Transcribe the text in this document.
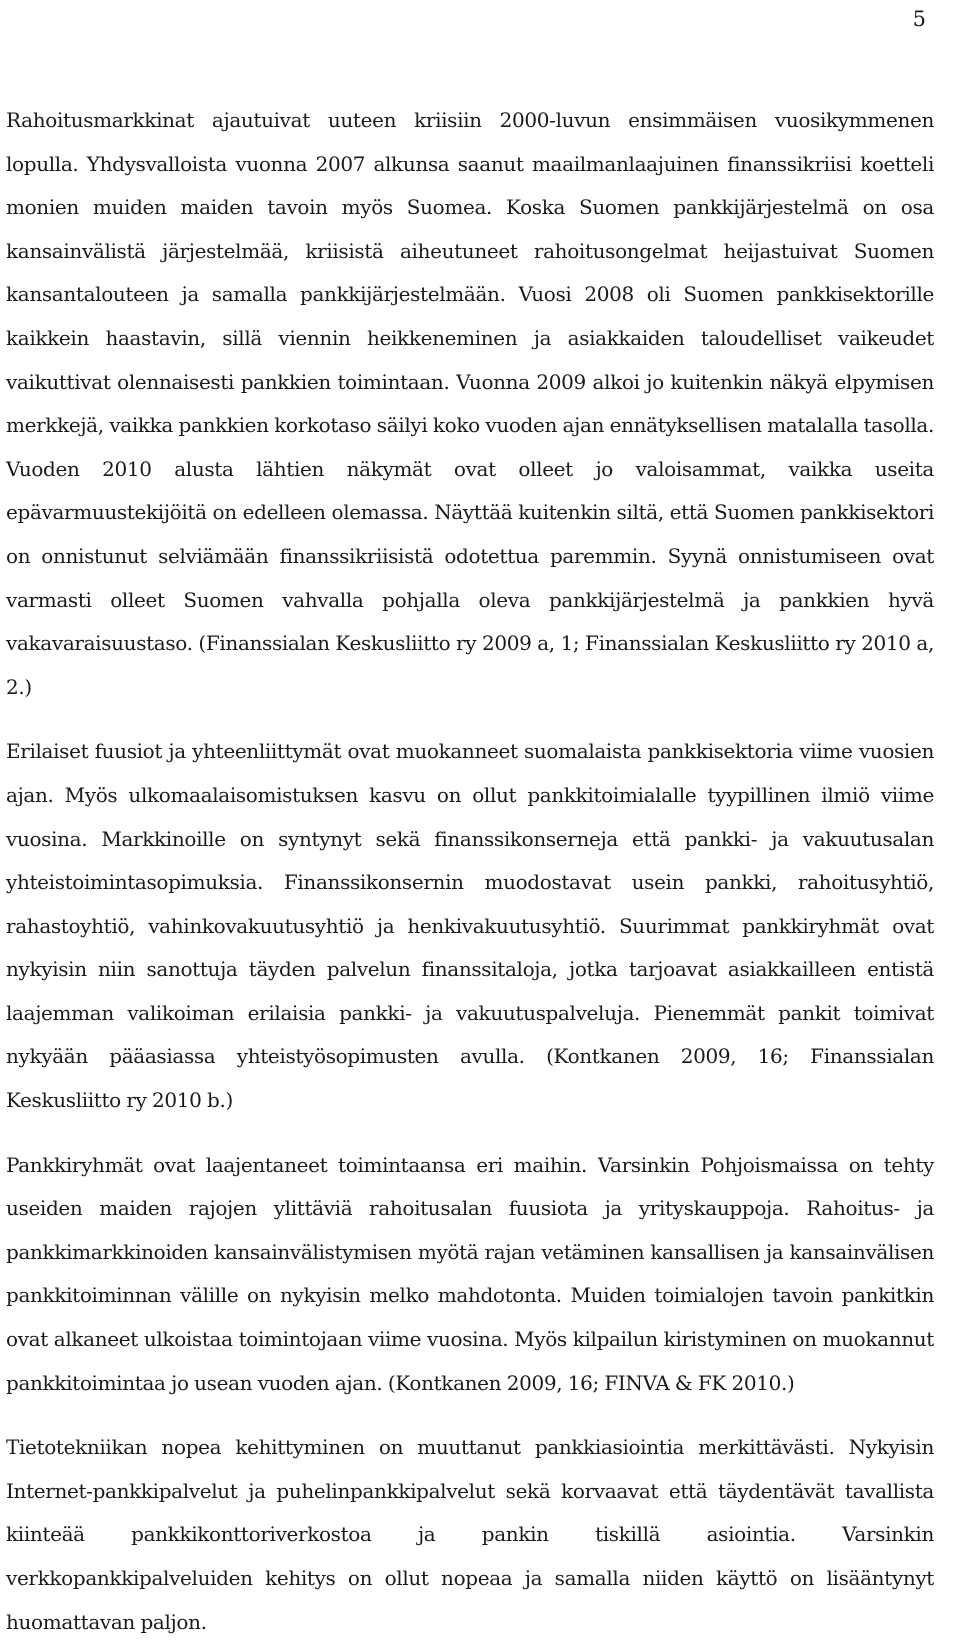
5

Rahoitusmarkkinat ajautuivat uuteen kriisiin 2000-luvun ensimmäisen vuosikymmenen lopulla. Yhdysvalloista vuonna 2007 alkunsa saanut maailmanlaajuinen finanssikriisi koetteli monien muiden maiden tavoin myös Suomea. Koska Suomen pankkijärjestelmä on osa kansainvälistä järjestelmää, kriisistä aiheutuneet rahoitusongelmat heijastuivat Suomen kansantalouteen ja samalla pankkijärjestelmään. Vuosi 2008 oli Suomen pankkisektorille kaikkein haastavin, sillä viennin heikkeneminen ja asiakkaiden taloudelliset vaikeudet vaikuttivat olennaisesti pankkien toimintaan. Vuonna 2009 alkoi jo kuitenkin näkyä elpymisen merkkejä, vaikka pankkien korkotaso säilyi koko vuoden ajan ennätyksellisen matalalla tasolla. Vuoden 2010 alusta lähtien näkymät ovat olleet jo valoisammat, vaikka useita epävarmuustekijöitä on edelleen olemassa. Näyttää kuitenkin siltä, että Suomen pankkisektori on onnistunut selviämään finanssikriisistä odotettua paremmin. Syynä onnistumiseen ovat varmasti olleet Suomen vahvalla pohjalla oleva pankkijärjestelmä ja pankkien hyvä vakavaraisuustaso. (Finanssialan Keskusliitto ry 2009 a, 1; Finanssialan Keskusliitto ry 2010 a, 2.)

Erilaiset fuusiot ja yhteenliittymät ovat muokanneet suomalaista pankkisektoria viime vuosien ajan. Myös ulkomaalaisomistuksen kasvu on ollut pankkitoimialalle tyypillinen ilmiö viime vuosina. Markkinoille on syntynyt sekä finanssikonserneja että pankki- ja vakuutusalan yhteistoimintasopimuksia. Finanssikonsernin muodostavat usein pankki, rahoitusyhtiö, rahastoyhtiö, vahinkovakuutusyhtiö ja henkivakuutusyhtiö. Suurimmat pankkiryhmät ovat nykyisin niin sanottuja täyden palvelun finanssitaloja, jotka tarjoavat asiakkailleen entistä laajemman valikoiman erilaisia pankki- ja vakuutuspalveluja. Pienemmät pankit toimivat nykyään pääasiassa yhteistyösopimusten avulla. (Kontkanen 2009, 16; Finanssialan Keskusliitto ry 2010 b.)

Pankkiryhmät ovat laajentaneet toimintaansa eri maihin. Varsinkin Pohjoismaissa on tehty useiden maiden rajojen ylittäviä rahoitusalan fuusiota ja yrityskauppoja. Rahoitus- ja pankkimarkkinoiden kansainvälistymisen myötä rajan vetäminen kansallisen ja kansainvälisen pankkitoiminnan välille on nykyisin melko mahdotonta. Muiden toimialojen tavoin pankitkin ovat alkaneet ulkoistaa toimintojaan viime vuosina. Myös kilpailun kiristyminen on muokannut pankkitoimintaa jo usean vuoden ajan. (Kontkanen 2009, 16; FINVA & FK 2010.)

Tietotekniikan nopea kehittyminen on muuttanut pankkiasiointia merkittävästi. Nykyisin Internet-pankkipalvelut ja puhelinpankkipalvelut sekä korvaavat että täydentävät tavallista kiinteää pankkikonttoriverkostoa ja pankin tiskillä asiointia. Varsinkin verkkopankkipalveluiden kehitys on ollut nopeaa ja samalla niiden käyttö on lisääntynyt huomattavan paljon.
